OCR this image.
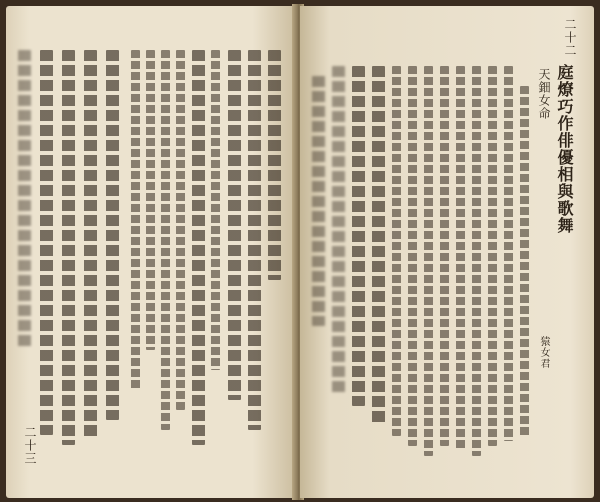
二十三
天鈿女命 庭燎巧作俳優相與歌舞
猿女君
二十二
